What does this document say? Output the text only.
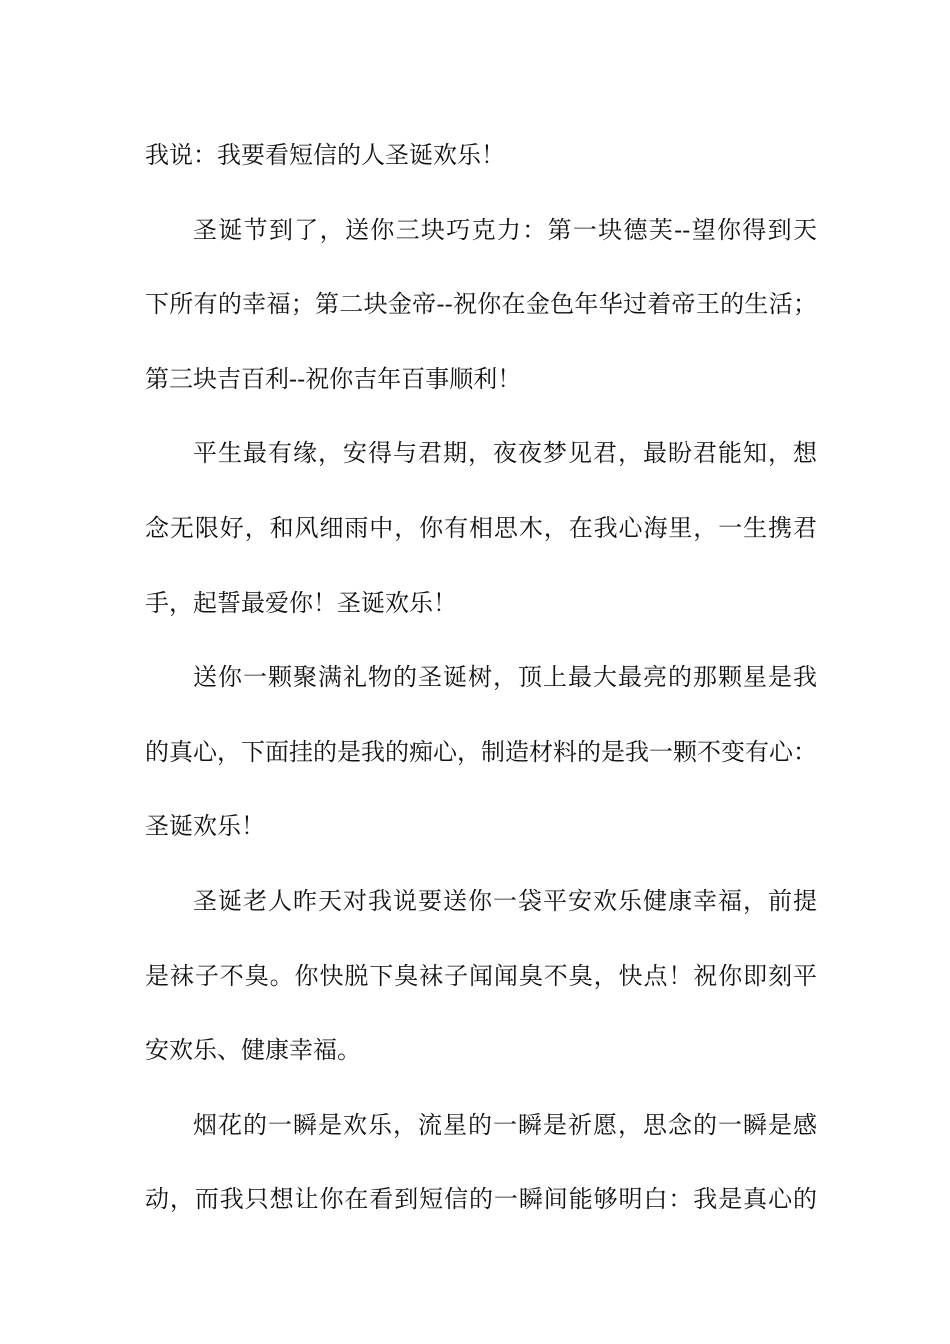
我说：我要看短信的人圣诞欢乐！
圣诞节到了，送你三块巧克力：第一块德芙--望你得到天
下所有的幸福；第二块金帝--祝你在金色年华过着帝王的生活；
第三块吉百利--祝你吉年百事顺利！
平生最有缘，安得与君期，夜夜梦见君，最盼君能知，想
念无限好，和风细雨中，你有相思木，在我心海里，一生携君
手，起誓最爱你！圣诞欢乐！
送你一颗聚满礼物的圣诞树，顶上最大最亮的那颗星是我
的真心，下面挂的是我的痴心，制造材料的是我一颗不变有心：
圣诞欢乐！
圣诞老人昨天对我说要送你一袋平安欢乐健康幸福，前提
是袜子不臭。你快脱下臭袜子闻闻臭不臭，快点！祝你即刻平
安欢乐、健康幸福。
烟花的一瞬是欢乐，流星的一瞬是祈愿，思念的一瞬是感
动，而我只想让你在看到短信的一瞬间能够明白：我是真心的
